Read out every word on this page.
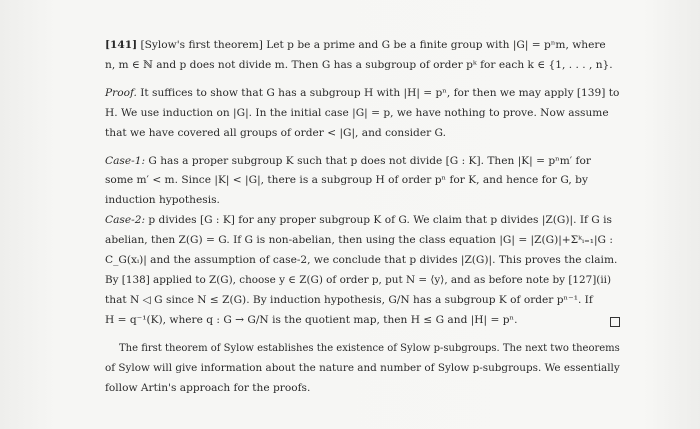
[141] [Sylow's first theorem] Let p be a prime and G be a finite group with |G| = pⁿm, where
n, m ∈ ℕ and p does not divide m. Then G has a subgroup of order pᵏ for each k ∈ {1, . . . , n}.
Proof. It suffices to show that G has a subgroup H with |H| = pⁿ, for then we may apply [139] to
H. We use induction on |G|. In the initial case |G| = p, we have nothing to prove. Now assume
that we have covered all groups of order < |G|, and consider G.
Case-1: G has a proper subgroup K such that p does not divide [G : K]. Then |K| = pⁿm′ for
some m′ < m. Since |K| < |G|, there is a subgroup H of order pⁿ for K, and hence for G, by
induction hypothesis.
Case-2: p divides [G : K] for any proper subgroup K of G. We claim that p divides |Z(G)|. If G is
abelian, then Z(G) = G. If G is non-abelian, then using the class equation |G| = |Z(G)|+Σᵏᵢ₌₁|G :
C_G(xᵢ)| and the assumption of case-2, we conclude that p divides |Z(G)|. This proves the claim.
By [138] applied to Z(G), choose y ∈ Z(G) of order p, put N = ⟨y⟩, and as before note by [127](ii)
that N ◁ G since N ≤ Z(G). By induction hypothesis, G/N has a subgroup K of order pⁿ⁻¹. If
H = q⁻¹(K), where q : G → G/N is the quotient map, then H ≤ G and |H| = pⁿ.
The first theorem of Sylow establishes the existence of Sylow p-subgroups. The next two theorems
of Sylow will give information about the nature and number of Sylow p-subgroups. We essentially
follow Artin's approach for the proofs.
